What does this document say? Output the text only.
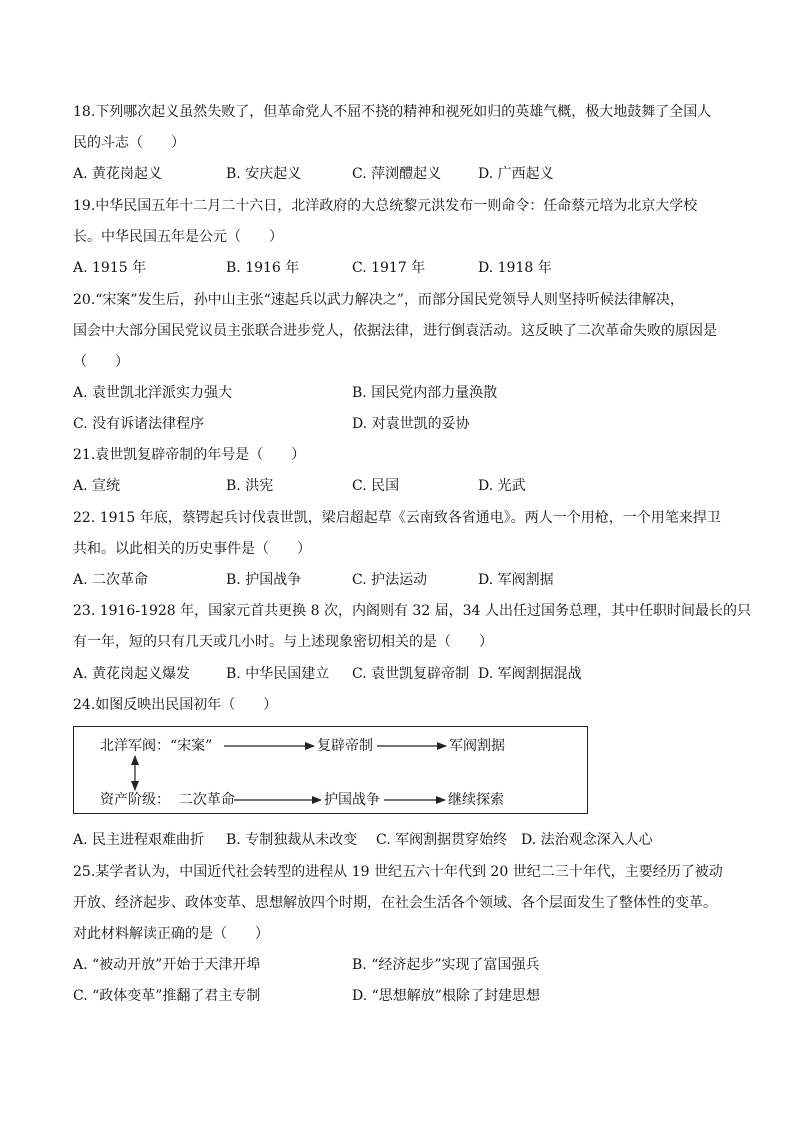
18.下列哪次起义虽然失败了，但革命党人不屈不挠的精神和视死如归的英雄气概，极大地鼓舞了全国人
民的斗志（　　）
A. 黄花岗起义	B. 安庆起义	C. 萍浏醴起义	D. 广西起义
19.中华民国五年十二月二十六日，北洋政府的大总统黎元洪发布一则命令：任命蔡元培为北京大学校
长。中华民国五年是公元（　　）
A. 1915 年	B. 1916 年	C. 1917 年	D. 1918 年
20.“宋案”发生后，孙中山主张“速起兵以武力解决之”，而部分国民党领导人则坚持听候法律解决，
国会中大部分国民党议员主张联合进步党人，依据法律，进行倒袁活动。这反映了二次革命失败的原因是
（　　）
A. 袁世凯北洋派实力强大	B. 国民党内部力量涣散
C. 没有诉诸法律程序	D. 对袁世凯的妥协
21.袁世凯复辟帝制的年号是（　　）
A. 宣统	B. 洪宪	C. 民国	D. 光武
22. 1915 年底，蔡锷起兵讨伐袁世凯，梁启超起草《云南致各省通电》。两人一个用枪，一个用笔来捍卫
共和。以此相关的历史事件是（　　）
A. 二次革命	B. 护国战争	C. 护法运动	D. 军阀割据
23. 1916-1928 年，国家元首共更换 8 次，内阁则有 32 届，34 人出任过国务总理，其中任职时间最长的只
有一年，短的只有几天或几小时。与上述现象密切相关的是（　　）
A. 黄花岗起义爆发	B. 中华民国建立 C. 袁世凯复辟帝制 D. 军阀割据混战
24.如图反映出民国初年（　　）
北洋军阀：“宋案”	复辟帝制	军阀割据
资产阶级：  二次革命	护国战争	继续探索
A. 民主进程艰难曲折 B. 专制独裁从未改变 C. 军阀割据贯穿始终 D. 法治观念深入人心
25.某学者认为，中国近代社会转型的进程从 19 世纪五六十年代到 20 世纪二三十年代，主要经历了被动
开放、经济起步、政体变革、思想解放四个时期，在社会生活各个领域、各个层面发生了整体性的变革。
对此材料解读正确的是（　　）
A. “被动开放”开始于天津开埠	B. “经济起步”实现了富国强兵
C. “政体变革”推翻了君主专制	D. “思想解放”根除了封建思想
